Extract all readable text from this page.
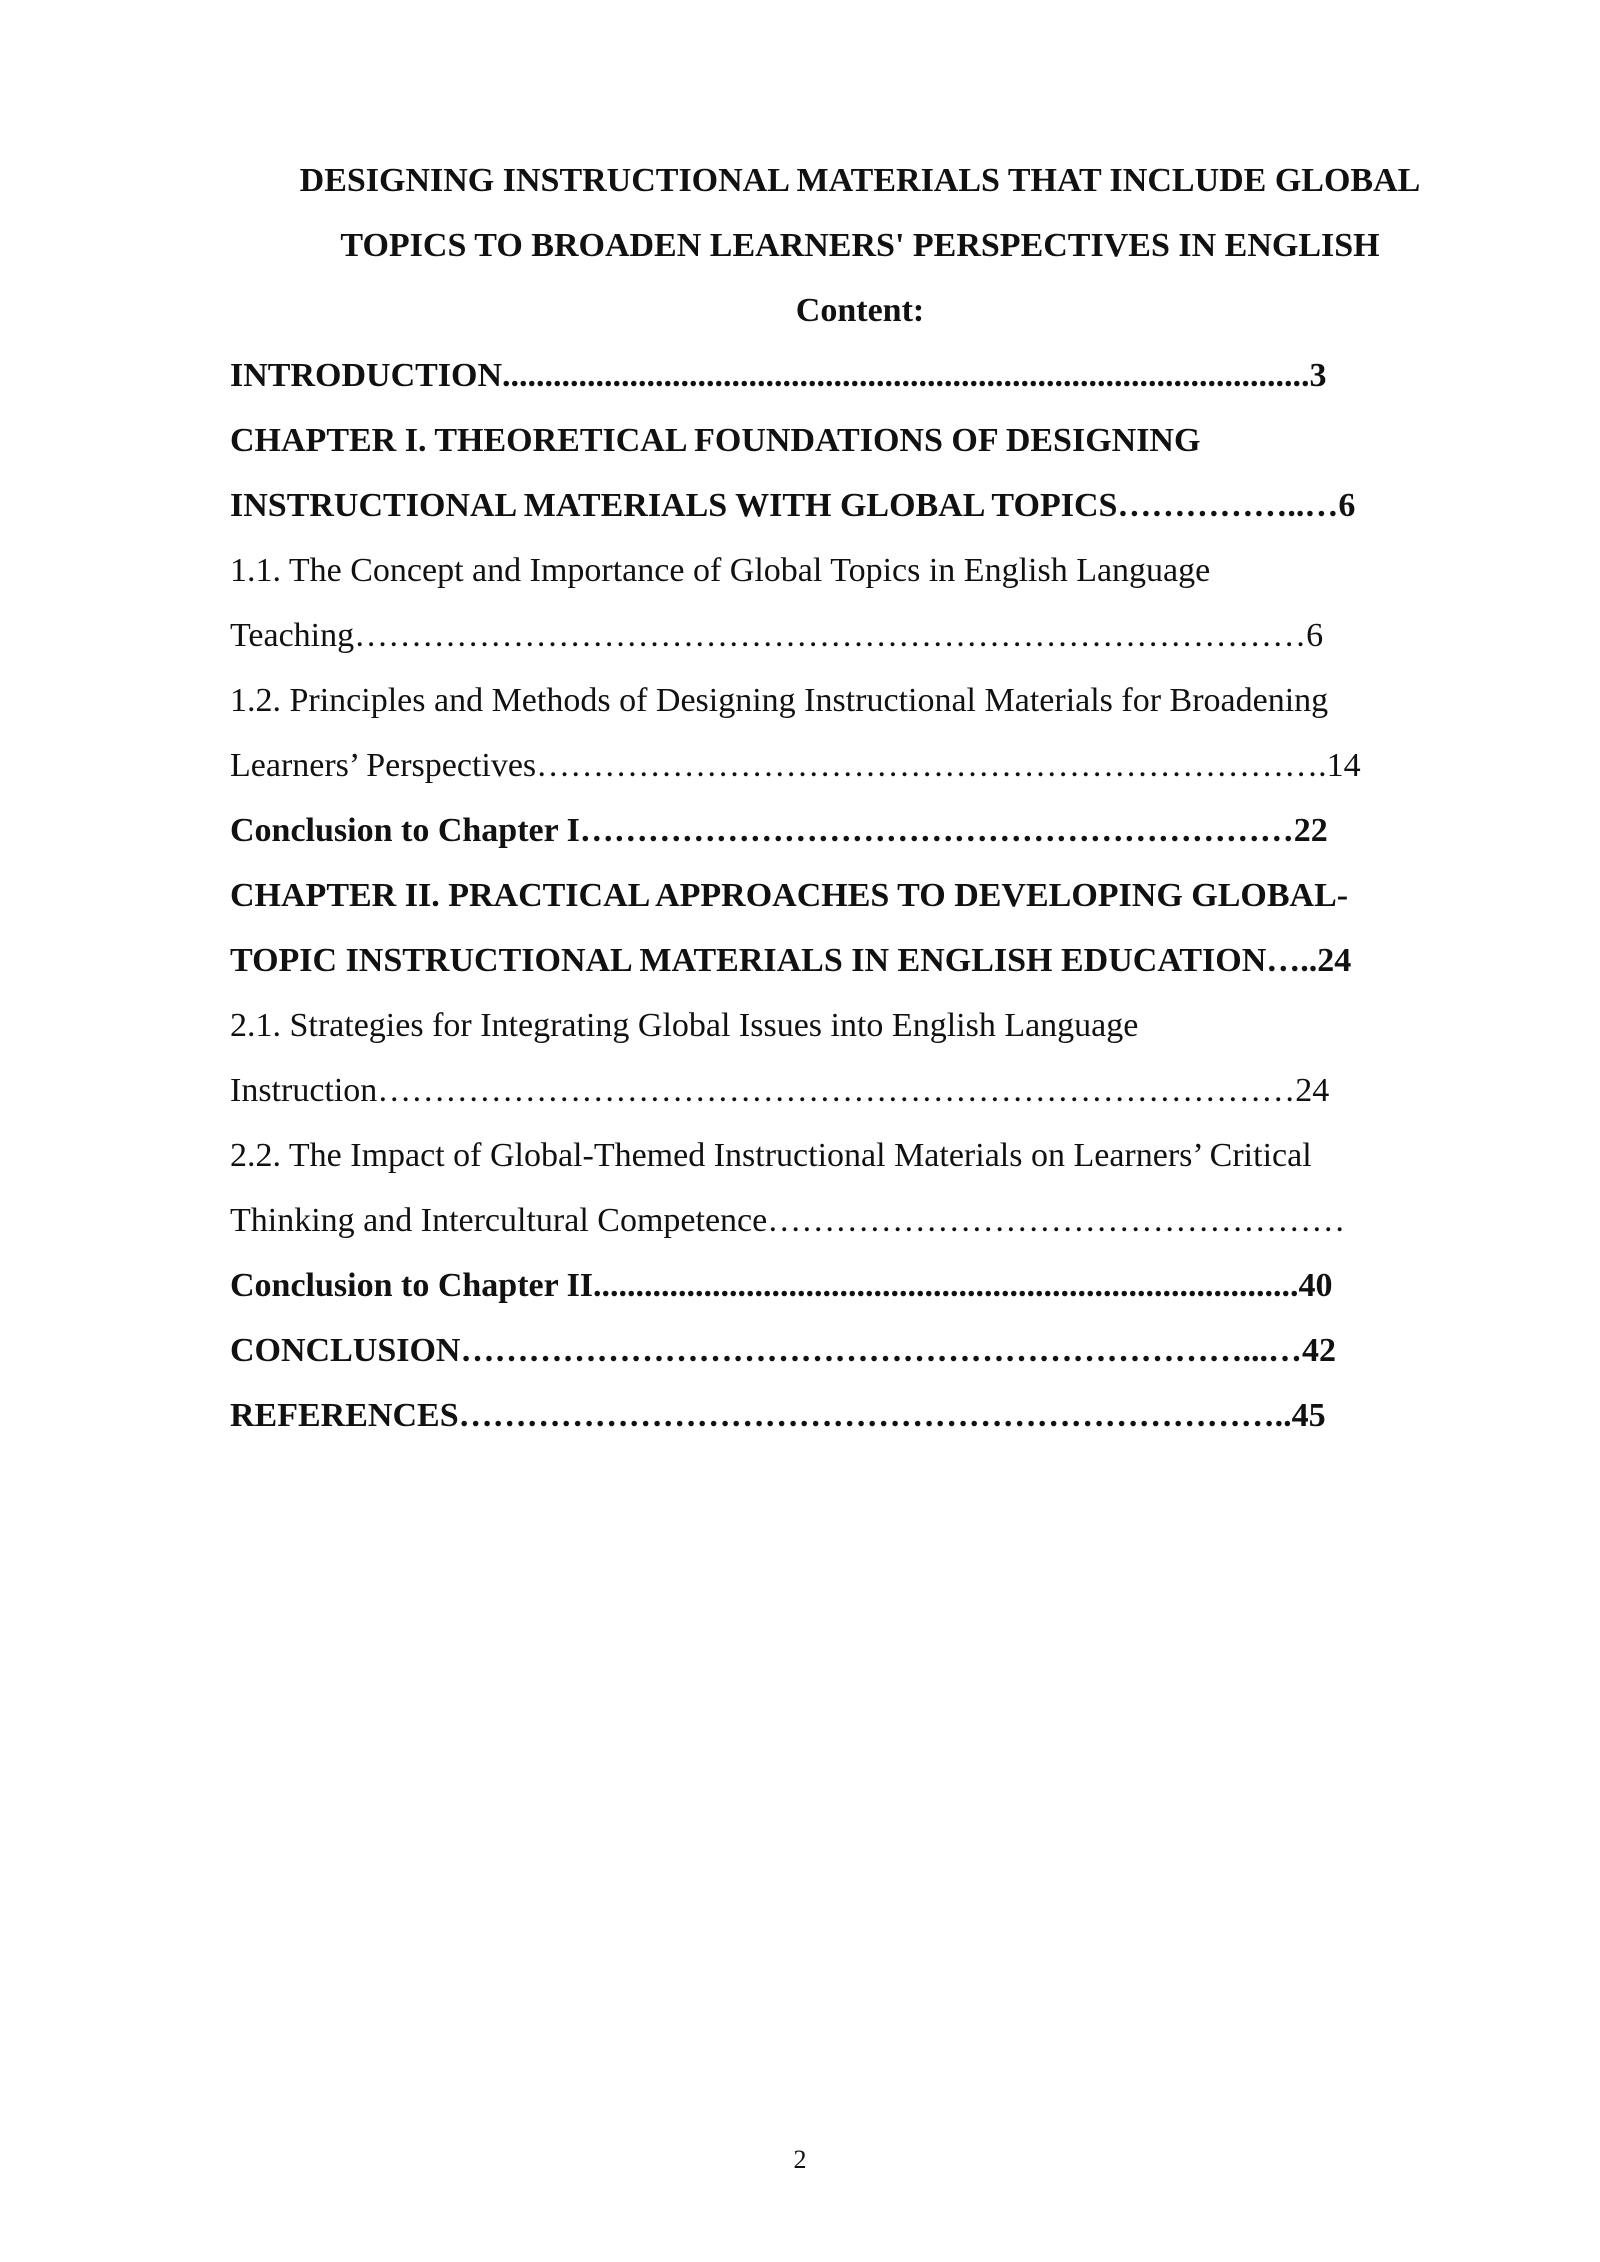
DESIGNING INSTRUCTIONAL MATERIALS THAT INCLUDE GLOBAL
TOPICS TO BROADEN LEARNERS' PERSPECTIVES IN ENGLISH
Content:
INTRODUCTION...............................................................................................3
CHAPTER I. THEORETICAL FOUNDATIONS OF DESIGNING
INSTRUCTIONAL MATERIALS WITH GLOBAL TOPICS……………..…6
1.1. The Concept and Importance of Global Topics in English Language
Teaching…………………………………………………………………………6
1.2. Principles and Methods of Designing Instructional Materials for Broadening
Learners’ Perspectives…………………………………………………………….14
Conclusion to Chapter I………………………………………………………22
CHAPTER II. PRACTICAL APPROACHES TO DEVELOPING GLOBAL-
TOPIC INSTRUCTIONAL MATERIALS IN ENGLISH EDUCATION…..24
2.1. Strategies for Integrating Global Issues into English Language
Instruction………………………………………………………………………24
2.2. The Impact of Global-Themed Instructional Materials on Learners’ Critical
Thinking and Intercultural Competence……………………………………………
Conclusion to Chapter II...................................................................................40
CONCLUSION……………………………………………………………...…42
REFERENCES………………………………………………………………..45
2
